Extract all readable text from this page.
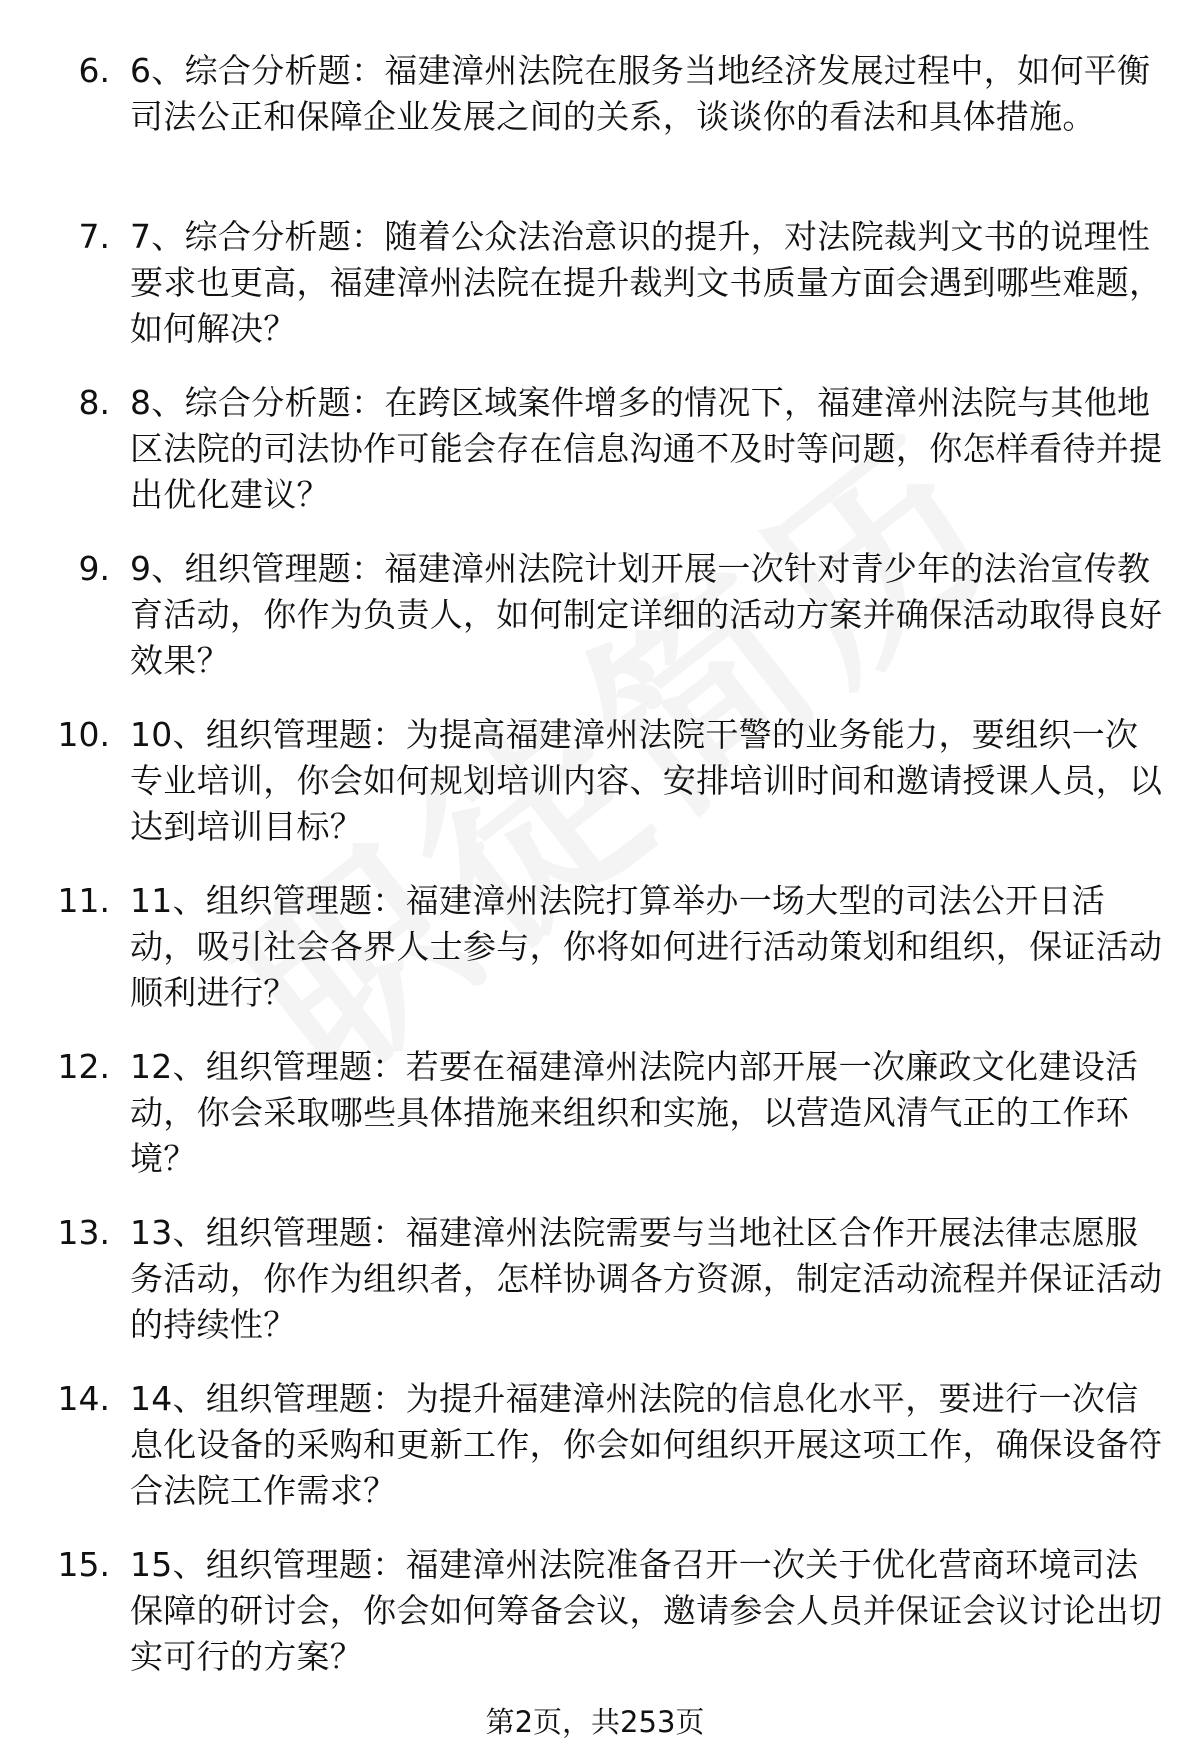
6. 6、综合分析题：福建漳州法院在服务当地经济发展过程中，如何平衡司法公正和保障企业发展之间的关系，谈谈你的看法和具体措施。
7. 7、综合分析题：随着公众法治意识的提升，对法院裁判文书的说理性要求也更高，福建漳州法院在提升裁判文书质量方面会遇到哪些难题，如何解决？
8. 8、综合分析题：在跨区域案件增多的情况下，福建漳州法院与其他地区法院的司法协作可能会存在信息沟通不及时等问题，你怎样看待并提出优化建议？
9. 9、组织管理题：福建漳州法院计划开展一次针对青少年的法治宣传教育活动，你作为负责人，如何制定详细的活动方案并确保活动取得良好效果？
10. 10、组织管理题：为提高福建漳州法院干警的业务能力，要组织一次专业培训，你会如何规划培训内容、安排培训时间和邀请授课人员，以达到培训目标？
11. 11、组织管理题：福建漳州法院打算举办一场大型的司法公开日活动，吸引社会各界人士参与，你将如何进行活动策划和组织，保证活动顺利进行？
12. 12、组织管理题：若要在福建漳州法院内部开展一次廉政文化建设活动，你会采取哪些具体措施来组织和实施，以营造风清气正的工作环境？
13. 13、组织管理题：福建漳州法院需要与当地社区合作开展法律志愿服务活动，你作为组织者，怎样协调各方资源，制定活动流程并保证活动的持续性？
14. 14、组织管理题：为提升福建漳州法院的信息化水平，要进行一次信息化设备的采购和更新工作，你会如何组织开展这项工作，确保设备符合法院工作需求？
15. 15、组织管理题：福建漳州法院准备召开一次关于优化营商环境司法保障的研讨会，你会如何筹备会议，邀请参会人员并保证会议讨论出切实可行的方案？
第2页，共253页
